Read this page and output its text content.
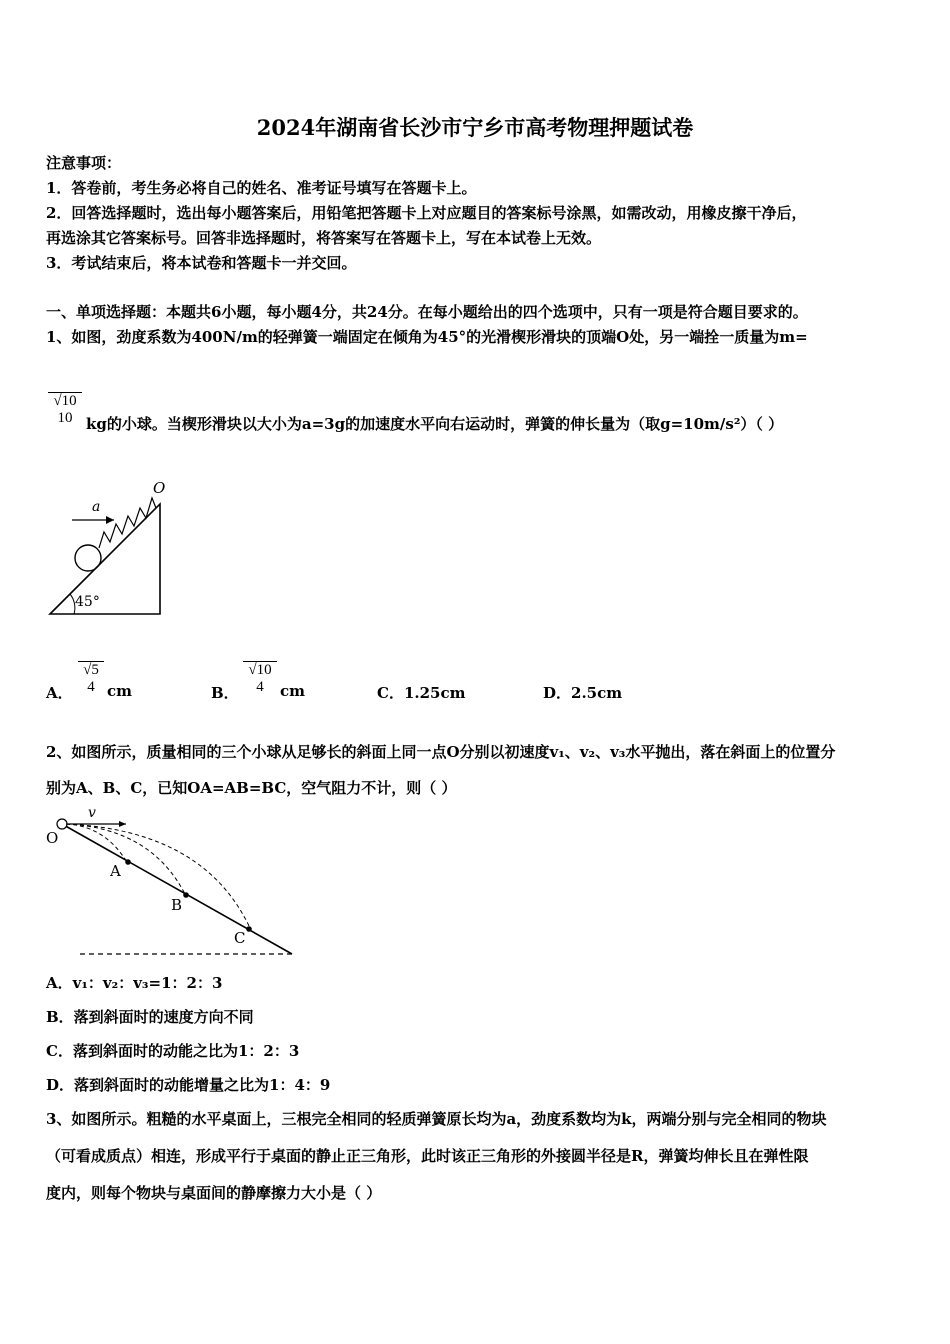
2024年湖南省长沙市宁乡市高考物理押题试卷
注意事项：
1．答卷前，考生务必将自己的姓名、准考证号填写在答题卡上。
2．回答选择题时，选出每小题答案后，用铅笔把答题卡上对应题目的答案标号涂黑，如需改动，用橡皮擦干净后，
再选涂其它答案标号。回答非选择题时，将答案写在答题卡上，写在本试卷上无效。
3．考试结束后，将本试卷和答题卡一并交回。
一、单项选择题：本题共6小题，每小题4分，共24分。在每小题给出的四个选项中，只有一项是符合题目要求的。
1、如图，劲度系数为400N/m的轻弹簧一端固定在倾角为45°的光滑楔形滑块的顶端O处，另一端拴一质量为m=
√10
10 kg的小球。当楔形滑块以大小为a=3g的加速度水平向右运动时，弹簧的伸长量为（取g=10m/s²）（ ）
a
O
45°
A．
√5
4 cm	B．
√10
4	cm	C．1.25cm	D．2.5cm
2、如图所示，质量相同的三个小球从足够长的斜面上同一点O分别以初速度v₁、v₂、v₃水平抛出，落在斜面上的位置分
别为A、B、C，已知OA=AB=BC，空气阻力不计，则（ ）
v
O
A
B
C
A．v₁：v₂：v₃=1：2：3
B．落到斜面时的速度方向不同
C．落到斜面时的动能之比为1：2：3
D．落到斜面时的动能增量之比为1：4：9
3、如图所示。粗糙的水平桌面上，三根完全相同的轻质弹簧原长均为a，劲度系数均为k，两端分别与完全相同的物块
（可看成质点）相连，形成平行于桌面的静止正三角形，此时该正三角形的外接圆半径是R，弹簧均伸长且在弹性限
度内，则每个物块与桌面间的静摩擦力大小是（ ）
